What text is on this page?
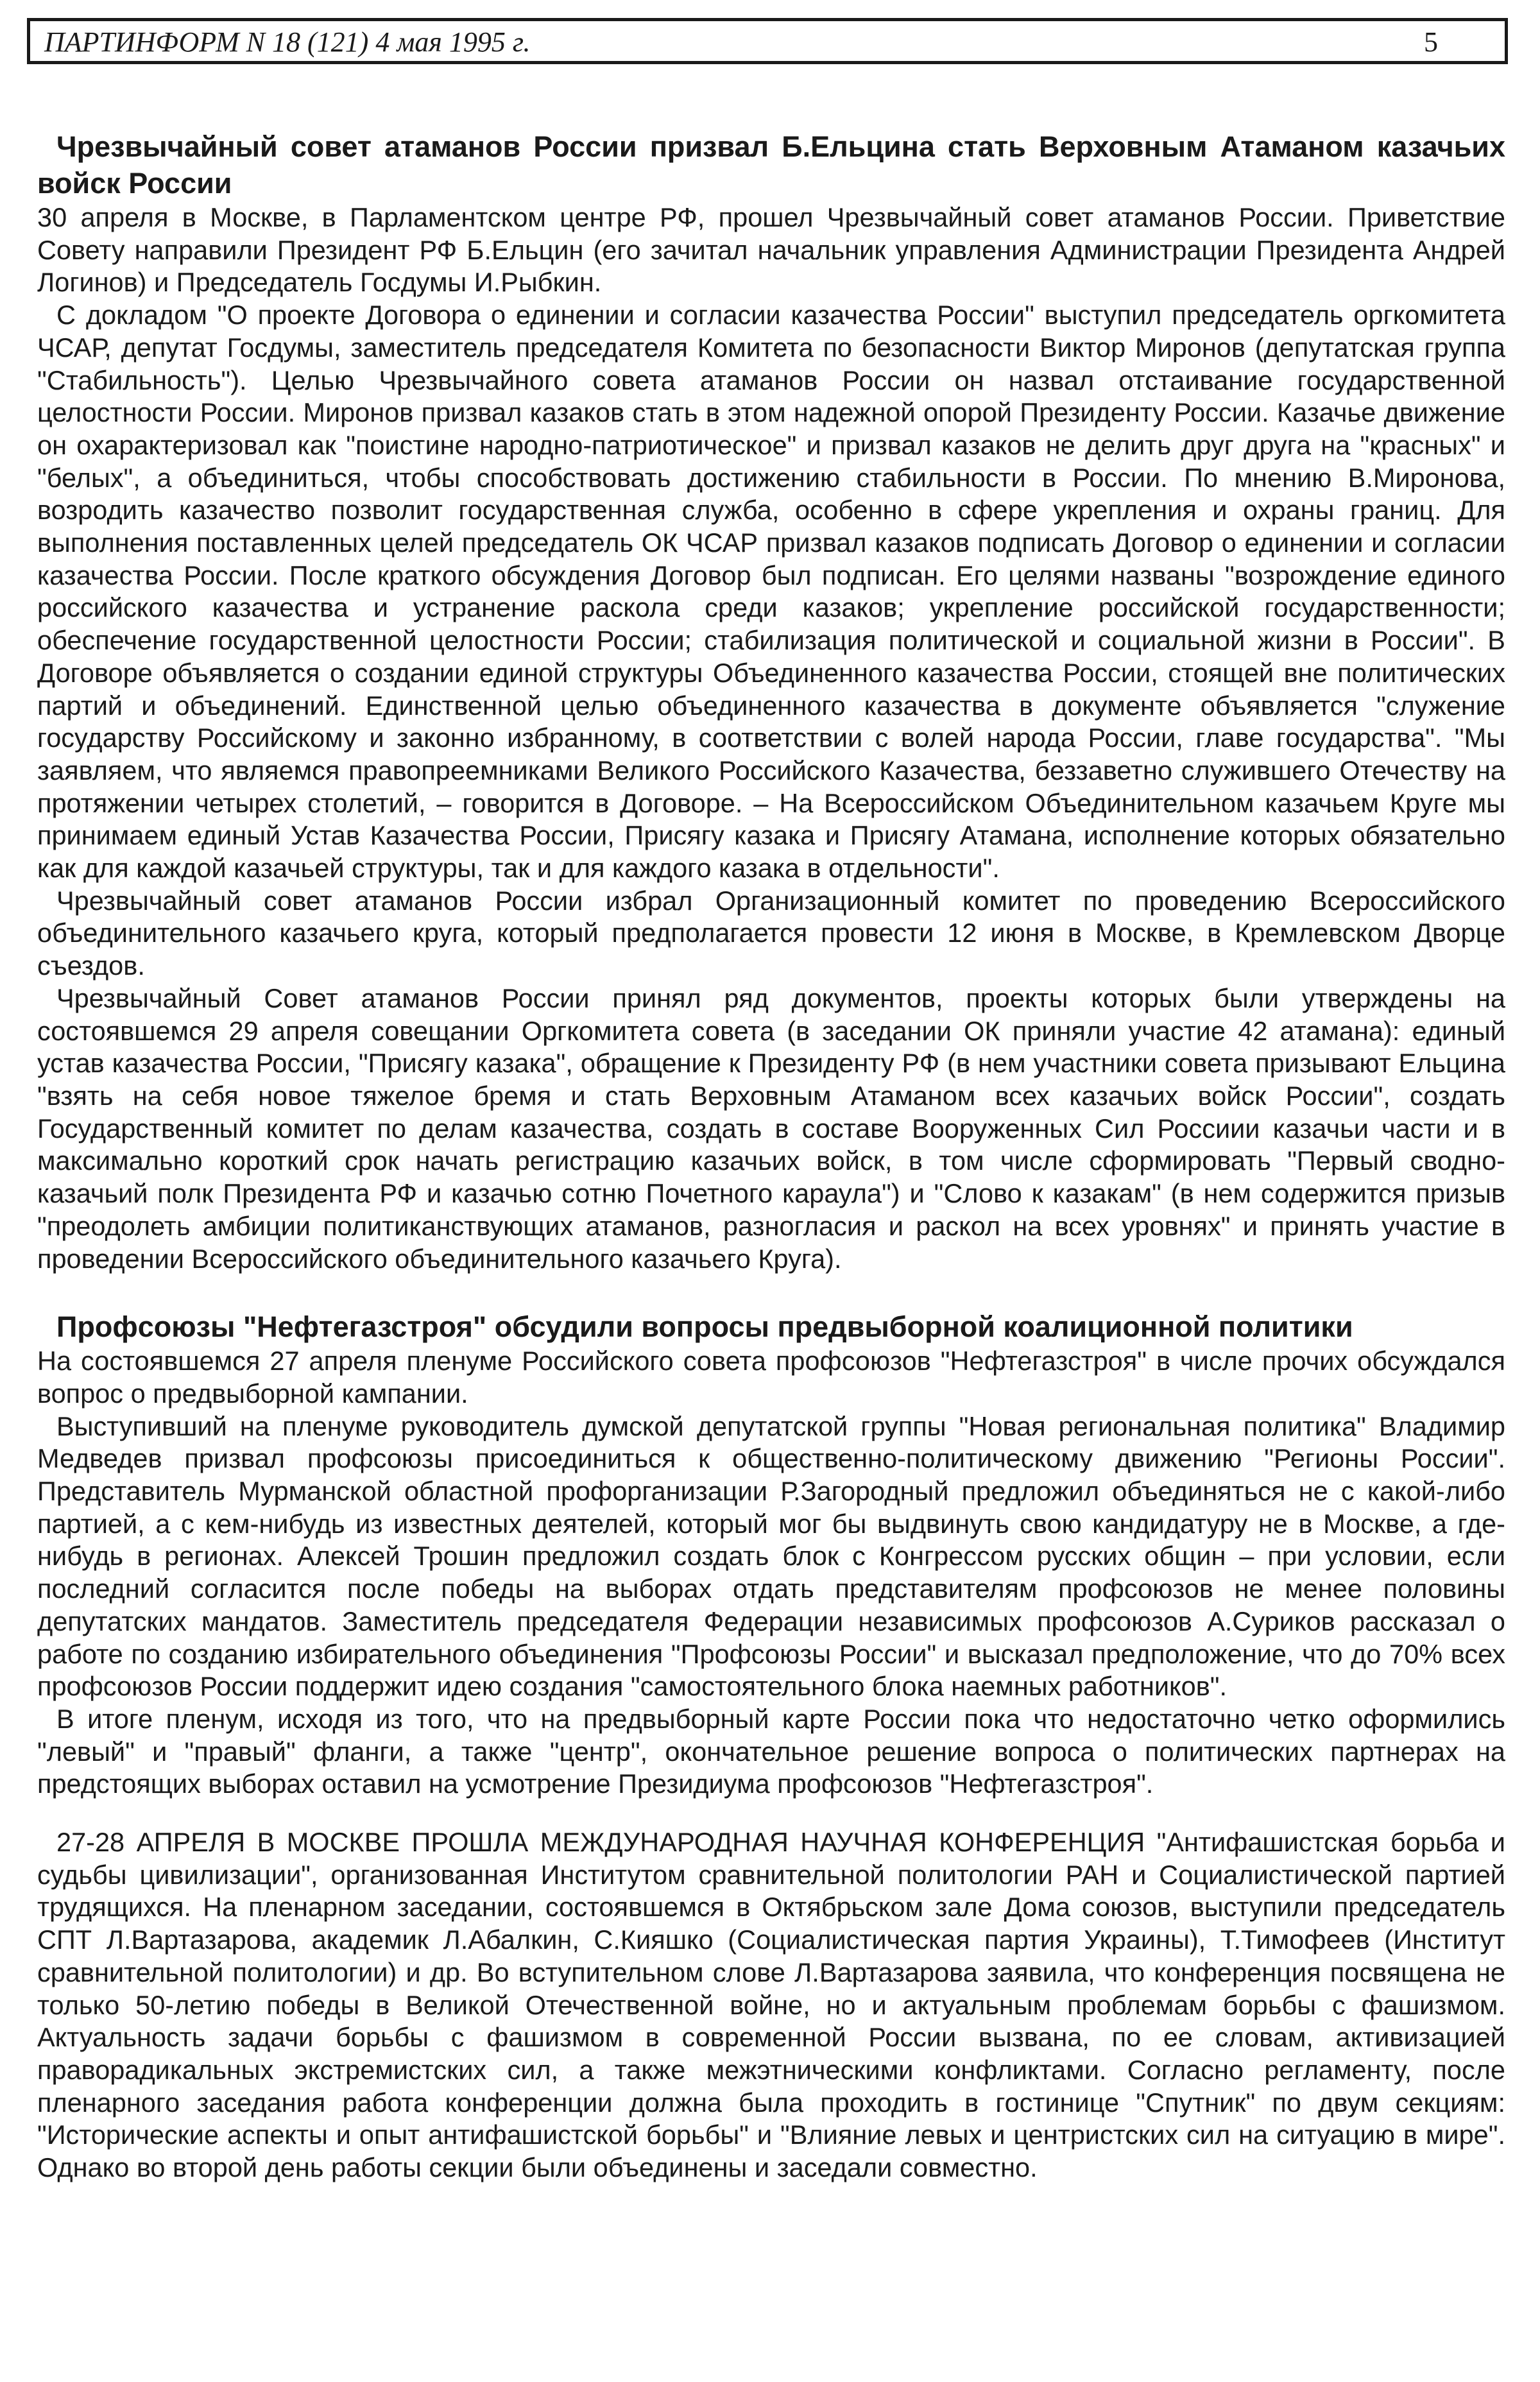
ПАРТИНФОРМ N 18 (121) 4 мая 1995 г.	5
Чрезвычайный совет атаманов России призвал Б.Ельцина стать Верховным Атаманом казачьих войск России

30 апреля в Москве, в Парламентском центре РФ, прошел Чрезвычайный совет атаманов России. Приветствие Совету направили Президент РФ Б.Ельцин (его зачитал начальник управления Администрации Президента Андрей Логинов) и Председатель Госдумы И.Рыбкин.

С докладом "О проекте Договора о единении и согласии казачества России" выступил председатель оргкомитета ЧСАР, депутат Госдумы, заместитель председателя Комитета по безопасности Виктор Миронов (депутатская группа "Стабильность"). Целью Чрезвычайного совета атаманов России он назвал отстаивание государственной целостности России. Миронов призвал казаков стать в этом надежной опорой Президенту России. Казачье движение он охарактеризовал как "поистине народно-патриотическое" и призвал казаков не делить друг друга на "красных" и "белых", а объединиться, чтобы способствовать достижению стабильности в России. По мнению В.Миронова, возродить казачество позволит государственная служба, особенно в сфере укрепления и охраны границ. Для выполнения поставленных целей председатель ОК ЧСАР призвал казаков подписать Договор о единении и согласии казачества России. После краткого обсуждения Договор был подписан. Его целями названы "возрождение единого российского казачества и устранение раскола среди казаков; укрепление российской государственности; обеспечение государственной целостности России; стабилизация политической и социальной жизни в России". В Договоре объявляется о создании единой структуры Объединенного казачества России, стоящей вне политических партий и объединений. Единственной целью объединенного казачества в документе объявляется "служение государству Российскому и законно избранному, в соответствии с волей народа России, главе государства". "Мы заявляем, что являемся правопреемниками Великого Российского Казачества, беззаветно служившего Отечеству на протяжении четырех столетий, – говорится в Договоре. – На Всероссийском Объединительном казачьем Круге мы принимаем единый Устав Казачества России, Присягу казака и Присягу Атамана, исполнение которых обязательно как для каждой казачьей структуры, так и для каждого казака в отдельности".

Чрезвычайный совет атаманов России избрал Организационный комитет по проведению Всероссийского объединительного казачьего круга, который предполагается провести 12 июня в Москве, в Кремлевском Дворце съездов.

Чрезвычайный Совет атаманов России принял ряд документов, проекты которых были утверждены на состоявшемся 29 апреля совещании Оргкомитета совета (в заседании ОК приняли участие 42 атамана): единый устав казачества России, "Присягу казака", обращение к Президенту РФ (в нем участники совета призывают Ельцина "взять на себя новое тяжелое бремя и стать Верховным Атаманом всех казачьих войск России", создать Государственный комитет по делам казачества, создать в составе Вооруженных Сил Россиии казачьи части и в максимально короткий срок начать регистрацию казачьих войск, в том числе сформировать "Первый сводно-казачьий полк Президента РФ и казачью сотню Почетного караула") и "Слово к казакам" (в нем содержится призыв "преодолеть амбиции политиканствующих атаманов, разногласия и раскол на всех уровнях" и принять участие в проведении Всероссийского объединительного казачьего Круга).

Профсоюзы "Нефтегазстроя" обсудили вопросы предвыборной коалиционной политики

На состоявшемся 27 апреля пленуме Российского совета профсоюзов "Нефтегазстроя" в числе прочих обсуждался вопрос о предвыборной кампании.

Выступивший на пленуме руководитель думской депутатской группы "Новая региональная политика" Владимир Медведев призвал профсоюзы присоединиться к общественно-политическому движению "Регионы России". Представитель Мурманской областной профорганизации Р.Загородный предложил объединяться не с какой-либо партией, а с кем-нибудь из известных деятелей, который мог бы выдвинуть свою кандидатуру не в Москве, а где-нибудь в регионах. Алексей Трошин предложил создать блок с Конгрессом русских общин – при условии, если последний согласится после победы на выборах отдать представителям профсоюзов не менее половины депутатских мандатов. Заместитель председателя Федерации независимых профсоюзов А.Суриков рассказал о работе по созданию избирательного объединения "Профсоюзы России" и высказал предположение, что до 70% всех профсоюзов России поддержит идею создания "самостоятельного блока наемных работников".

В итоге пленум, исходя из того, что на предвыборный карте России пока что недостаточно четко оформились "левый" и "правый" фланги, а также "центр", окончательное решение вопроса о политических партнерах на предстоящих выборах оставил на усмотрение Президиума профсоюзов "Нефтегазстроя".

27-28 АПРЕЛЯ В МОСКВЕ ПРОШЛА МЕЖДУНАРОДНАЯ НАУЧНАЯ КОНФЕРЕНЦИЯ "Антифашистская борьба и судьбы цивилизации", организованная Институтом сравнительной политологии РАН и Социалистической партией трудящихся. На пленарном заседании, состоявшемся в Октябрьском зале Дома союзов, выступили председатель СПТ Л.Вартазарова, академик Л.Абалкин, С.Кияшко (Социалистическая партия Украины), Т.Тимофеев (Институт сравнительной политологии) и др. Во вступительном слове Л.Вартазарова заявила, что конференция посвящена не только 50-летию победы в Великой Отечественной войне, но и актуальным проблемам борьбы с фашизмом. Актуальность задачи борьбы с фашизмом в современной России вызвана, по ее словам, активизацией праворадикальных экстремистских сил, а также межэтническими конфликтами. Согласно регламенту, после пленарного заседания работа конференции должна была проходить в гостинице "Спутник" по двум секциям: "Исторические аспекты и опыт антифашистской борьбы" и "Влияние левых и центристских сил на ситуацию в мире". Однако во второй день работы секции были объединены и заседали совместно.
